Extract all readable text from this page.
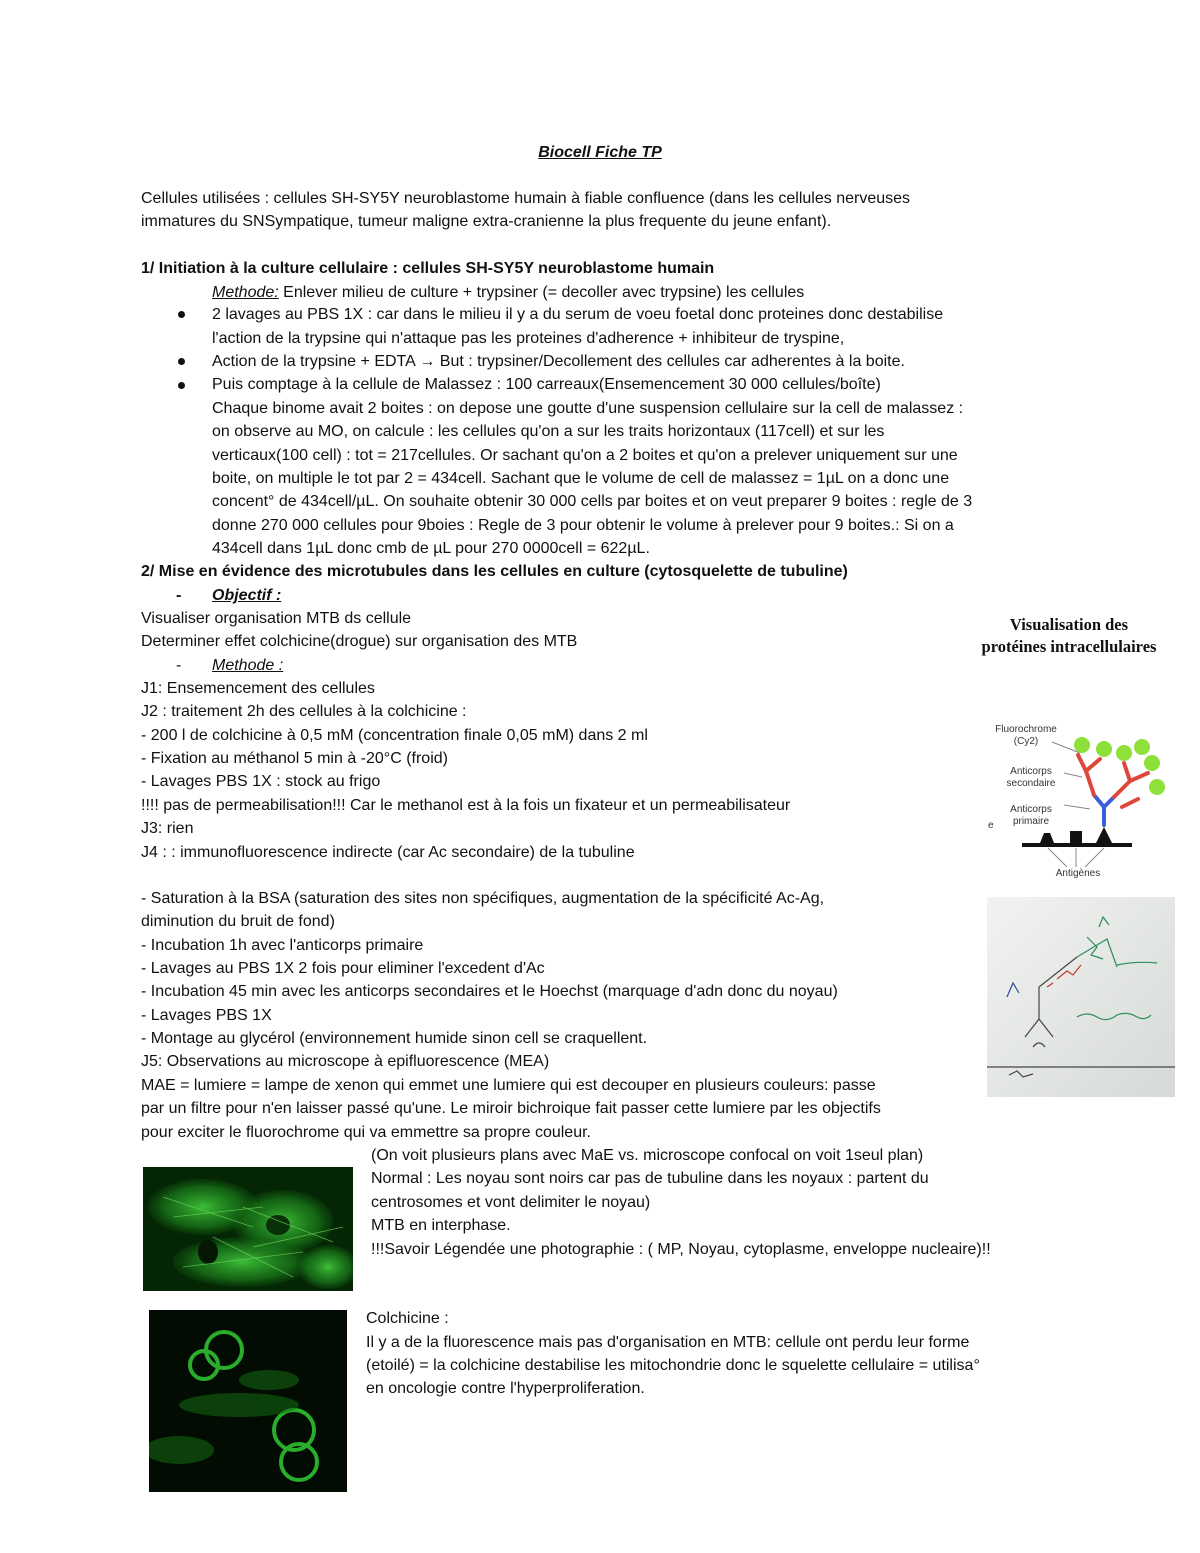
Biocell Fiche TP
Cellules utilisées : cellules SH-SY5Y neuroblastome humain à fiable confluence (dans les cellules nerveuses
immatures du SNSympatique, tumeur maligne extra-cranienne la plus frequente du jeune enfant).
1/ Initiation à la culture cellulaire : cellules SH-SY5Y neuroblastome humain
Methode: Enlever milieu de culture + trypsiner (= decoller avec trypsine) les cellules
2 lavages au PBS 1X : car dans le milieu il y a du serum de voeu foetal donc proteines donc destabilise
l'action de la trypsine qui n'attaque pas les proteines d'adherence + inhibiteur de tryspine,
Action de la trypsine + EDTA → But : trypsiner/Decollement des cellules car adherentes à la boite.
Puis comptage à la cellule de Malassez : 100 carreaux(Ensemencement 30 000 cellules/boîte)
Chaque binome avait 2 boites : on depose une goutte d'une suspension cellulaire sur la cell de malassez :
on observe au MO, on calcule : les cellules qu'on a sur les traits horizontaux (117cell) et sur les
verticaux(100 cell) : tot = 217cellules. Or sachant qu'on a 2 boites et qu'on a prelever uniquement sur une
boite, on multiple le tot par 2 = 434cell. Sachant que le volume de cell de malassez = 1µL on a donc une
concent° de 434cell/µL. On souhaite obtenir 30 000 cells par boites et on veut preparer 9 boites : regle de 3
donne 270 000 cellules pour 9boies : Regle de 3 pour obtenir le volume à prelever pour 9 boites.: Si on a
434cell dans 1µL donc cmb de µL pour 270 0000cell = 622µL.
2/ Mise en évidence des microtubules dans les cellules en culture (cytosquelette de tubuline)
- Objectif :
Visualiser organisation MTB ds cellule
Determiner effet colchicine(drogue) sur organisation des MTB
- Methode :
J1: Ensemencement des cellules
J2 : traitement 2h des cellules à la colchicine :
- 200 l de colchicine à 0,5 mM (concentration finale 0,05 mM) dans 2 ml
- Fixation au méthanol 5 min à -20°C (froid)
- Lavages PBS 1X : stock au frigo
!!!! pas de permeabilisation!!! Car le methanol est à la fois un fixateur et un permeabilisateur
J3: rien
J4 : : immunofluorescence indirecte (car Ac secondaire) de la tubuline
- Saturation à la BSA (saturation des sites non spécifiques, augmentation de la spécificité Ac-Ag,
diminution du bruit de fond)
- Incubation 1h avec l'anticorps primaire
- Lavages au PBS 1X 2 fois pour eliminer l'excedent d'Ac
- Incubation 45 min avec les anticorps secondaires et le Hoechst (marquage d'adn donc du noyau)
- Lavages PBS 1X
- Montage au glycérol (environnement humide sinon cell se craquellent.
J5: Observations au microscope à epifluorescence (MEA)
MAE = lumiere = lampe de xenon qui emmet une lumiere qui est decouper en plusieurs couleurs: passe
par un filtre pour n'en laisser passé qu'une. Le miroir bichroique fait passer cette lumiere par les objectifs
pour exciter le fluorochrome qui va emmettre sa propre couleur.
(On voit plusieurs plans avec MaE vs. microscope confocal on voit 1seul plan)
Normal : Les noyau sont noirs car pas de tubuline dans les noyaux : partent du
centrosomes et vont delimiter le noyau)
MTB en interphase.
!!!Savoir Légendée une photographie : ( MP, Noyau, cytoplasme, enveloppe nucleaire)!!
Colchicine :
Il y a de la fluorescence mais pas d'organisation en MTB: cellule ont perdu leur forme
(etoilé) = la colchicine destabilise les mitochondrie donc le squelette cellulaire = utilisa°
en oncologie contre l'hyperproliferation.
Visualisation des
protéines intracellulaires
Fluorochrome
(Cy2)
Anticorps
secondaire
Anticorps
primaire
e
Antigènes
